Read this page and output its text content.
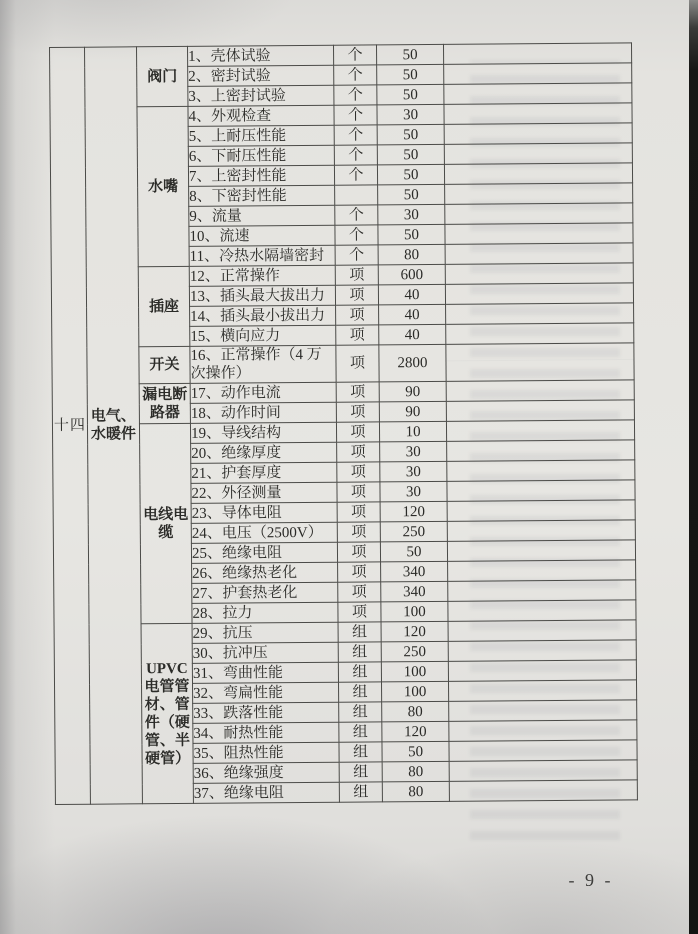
十四	电气、水暖件	阀门	1、壳体试验	个	50	
			2、密封试验	个	50	
			3、上密封试验	个	50	
		水嘴	4、外观检查	个	30	
			5、上耐压性能	个	50	
			6、下耐压性能	个	50	
			7、上密封性能	个	50	
			8、下密封性能		50	
			9、流量	个	30	
			10、流速	个	50	
			11、冷热水隔墙密封	个	80	
		插座	12、正常操作	项	600	
			13、插头最大拔出力	项	40	
			14、插头最小拔出力	项	40	
			15、横向应力	项	40	
		开关	16、正常操作（4 万次操作）	项	2800	
		漏电断路器	17、动作电流	项	90	
			18、动作时间	项	90	
		电线电缆	19、导线结构	项	10	
			20、绝缘厚度	项	30	
			21、护套厚度	项	30	
			22、外径测量	项	30	
			23、导体电阻	项	120	
			24、电压（2500V）	项	250	
			25、绝缘电阻	项	50	
			26、绝缘热老化	项	340	
			27、护套热老化	项	340	
			28、拉力	项	100	
		UPVC电管管材、管件（硬管、半硬管）	29、抗压	组	120	
			30、抗冲压	组	250	
			31、弯曲性能	组	100	
			32、弯扁性能	组	100	
			33、跌落性能	组	80	
			34、耐热性能	组	120	
			35、阻热性能	组	50	
			36、绝缘强度	组	80	
			37、绝缘电阻	组	80	
- 9 -
